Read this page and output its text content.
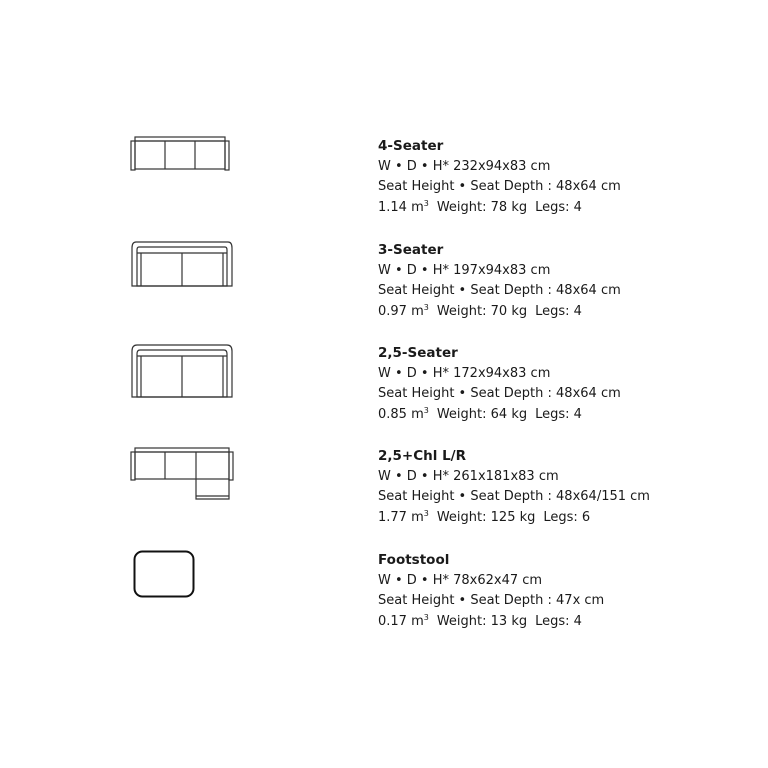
4-Seater
W • D • H* 232x94x83 cm
Seat Height • Seat Depth : 48x64 cm
1.14 $m^3$ Weight: 78 kg Legs: 4
3-Seater
W • D • H* 197x94x83 cm
Seat Height • Seat Depth : 48x64 cm
0.97 $m^3$ Weight: 70 kg Legs: 4
2,5-Seater
W • D • H* 172x94x83 cm
Seat Height • Seat Depth : 48x64 cm
0.85 $m^3$ Weight: 64 kg Legs: 4
2,5+Chl L/R
W • D • H* 261x181x83 cm
Seat Height • Seat Depth : 48x64/151 cm
1.77 $m^3$ Weight: 125 kg Legs: 6
Footstool
W • D • H* 78x62x47 cm
Seat Height • Seat Depth : 47x cm
0.17 $m^3$ Weight: 13 kg Legs: 4
